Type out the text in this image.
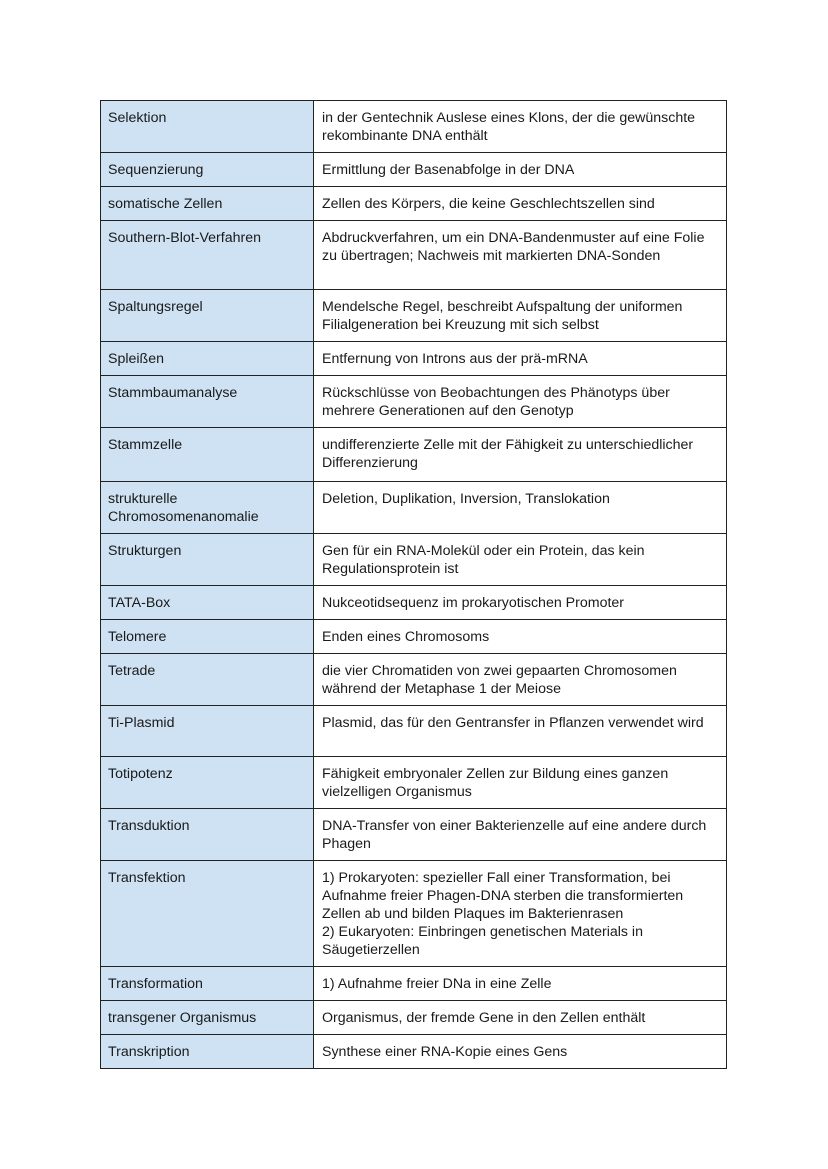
Selektion	in der Gentechnik Auslese eines Klons, der die gewünschte rekombinante DNA enthält
Sequenzierung	Ermittlung der Basenabfolge in der DNA
somatische Zellen	Zellen des Körpers, die keine Geschlechtszellen sind
Southern-Blot-Verfahren	Abdruckverfahren, um ein DNA-Bandenmuster auf eine Folie zu übertragen; Nachweis mit markierten DNA-Sonden
Spaltungsregel	Mendelsche Regel, beschreibt Aufspaltung der uniformen Filialgeneration bei Kreuzung mit sich selbst
Spleißen	Entfernung von Introns aus der prä-mRNA
Stammbaumanalyse	Rückschlüsse von Beobachtungen des Phänotyps über mehrere Generationen auf den Genotyp
Stammzelle	undifferenzierte Zelle mit der Fähigkeit zu unterschiedlicher Differenzierung
strukturelle Chromosomenanomalie	Deletion, Duplikation, Inversion, Translokation
Strukturgen	Gen für ein RNA-Molekül oder ein Protein, das kein Regulationsprotein ist
TATA-Box	Nukceotidsequenz im prokaryotischen Promoter
Telomere	Enden eines Chromosoms
Tetrade	die vier Chromatiden von zwei gepaarten Chromosomen während der Metaphase 1 der Meiose
Ti-Plasmid	Plasmid, das für den Gentransfer in Pflanzen verwendet wird
Totipotenz	Fähigkeit embryonaler Zellen zur Bildung eines ganzen vielzelligen Organismus
Transduktion	DNA-Transfer von einer Bakterienzelle auf eine andere durch Phagen
Transfektion	1) Prokaryoten: spezieller Fall einer Transformation, bei Aufnahme freier Phagen-DNA sterben die transformierten Zellen ab und bilden Plaques im Bakterienrasen
2) Eukaryoten: Einbringen genetischen Materials in Säugetierzellen
Transformation	1) Aufnahme freier DNa in eine Zelle
transgener Organismus	Organismus, der fremde Gene in den Zellen enthält
Transkription	Synthese einer RNA-Kopie eines Gens
